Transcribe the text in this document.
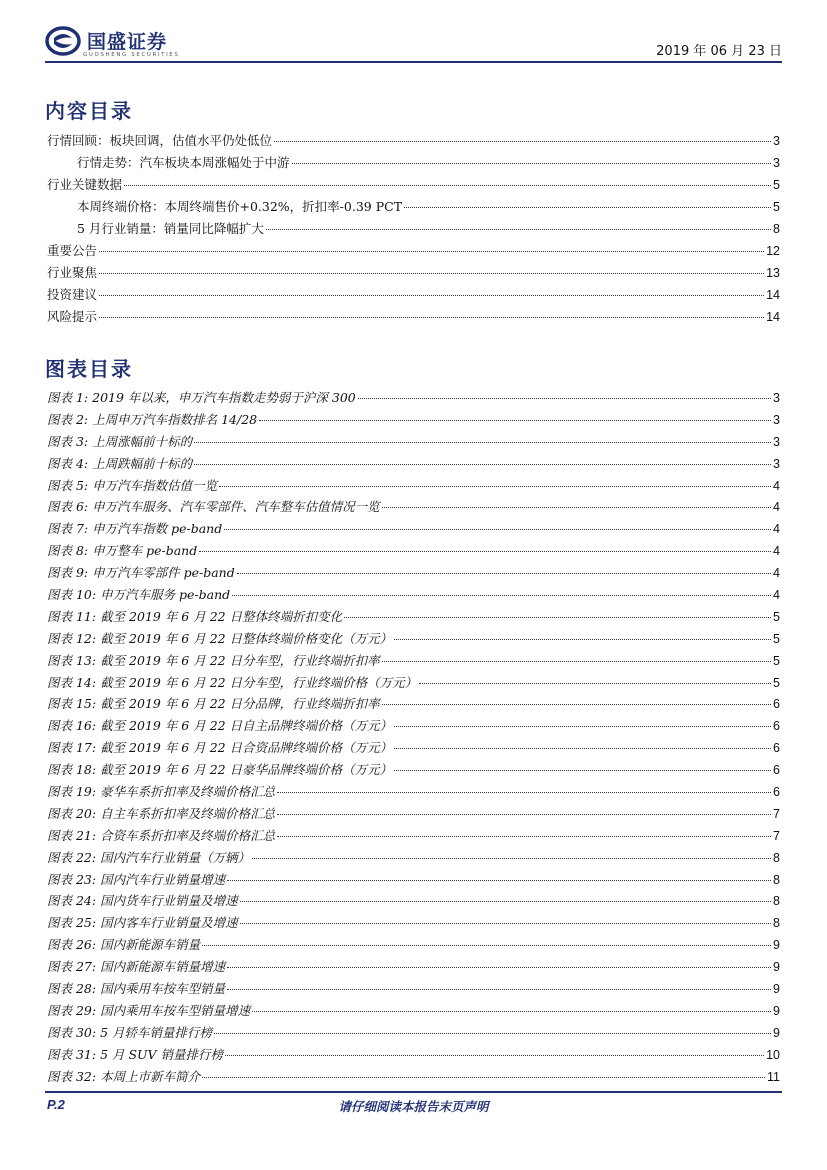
国盛证券
GUOSHENG SECURITIES	2019 年 06 月 23 日
内容目录
行情回顾：板块回调，估值水平仍处低位	3
行情走势：汽车板块本周涨幅处于中游	3
行业关键数据	5
本周终端价格：本周终端售价+0.32%，折扣率-0.39 PCT	5
5 月行业销量：销量同比降幅扩大	8
重要公告	12
行业聚焦	13
投资建议	14
风险提示	14
图表目录
图表 1: 2019 年以来，申万汽车指数走势弱于沪深 300	3
图表 2: 上周申万汽车指数排名 14/28	3
图表 3: 上周涨幅前十标的	3
图表 4: 上周跌幅前十标的	3
图表 5: 申万汽车指数估值一览	4
图表 6: 申万汽车服务、汽车零部件、汽车整车估值情况一览	4
图表 7: 申万汽车指数 pe-band	4
图表 8: 申万整车 pe-band	4
图表 9: 申万汽车零部件 pe-band	4
图表 10: 申万汽车服务 pe-band	4
图表 11: 截至 2019 年 6 月 22 日整体终端折扣变化	5
图表 12: 截至 2019 年 6 月 22 日整体终端价格变化（万元）	5
图表 13: 截至 2019 年 6 月 22 日分车型，行业终端折扣率	5
图表 14: 截至 2019 年 6 月 22 日分车型，行业终端价格（万元）	5
图表 15: 截至 2019 年 6 月 22 日分品牌，行业终端折扣率	6
图表 16: 截至 2019 年 6 月 22 日自主品牌终端价格（万元）	6
图表 17: 截至 2019 年 6 月 22 日合资品牌终端价格（万元）	6
图表 18: 截至 2019 年 6 月 22 日豪华品牌终端价格（万元）	6
图表 19: 豪华车系折扣率及终端价格汇总	6
图表 20: 自主车系折扣率及终端价格汇总	7
图表 21: 合资车系折扣率及终端价格汇总	7
图表 22: 国内汽车行业销量（万辆）	8
图表 23: 国内汽车行业销量增速	8
图表 24: 国内货车行业销量及增速	8
图表 25: 国内客车行业销量及增速	8
图表 26: 国内新能源车销量	9
图表 27: 国内新能源车销量增速	9
图表 28: 国内乘用车按车型销量	9
图表 29: 国内乘用车按车型销量增速	9
图表 30: 5 月轿车销量排行榜	9
图表 31: 5 月 SUV 销量排行榜	10
图表 32: 本周上市新车简介	11
P.2	请仔细阅读本报告末页声明
